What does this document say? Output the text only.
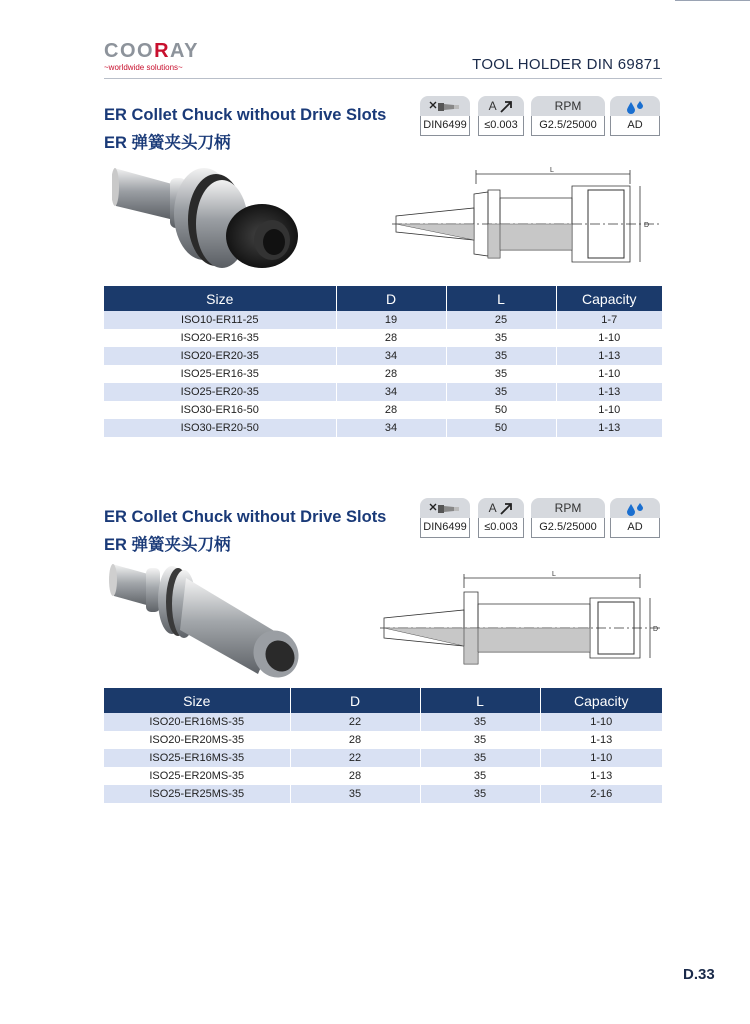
COORAY
~worldwide solutions~	TOOL HOLDER DIN 69871
ER Collet Chuck without Drive Slots
ER 弹簧夹头刀柄
DIN6499
A
≤0.003
RPM
G2.5/25000	AD
L
D
Size	D	L	Capacity
ISO10-ER11-25	19	25	1-7
ISO20-ER16-35	28	35	1-10
ISO20-ER20-35	34	35	1-13
ISO25-ER16-35	28	35	1-10
ISO25-ER20-35	34	35	1-13
ISO30-ER16-50	28	50	1-10
ISO30-ER20-50	34	50	1-13
ER Collet Chuck without Drive Slots
ER 弹簧夹头刀柄
DIN6499
A
≤0.003
RPM
G2.5/25000	AD
L
D
Size	D	L	Capacity
ISO20-ER16MS-35	22	35	1-10
ISO20-ER20MS-35	28	35	1-13
ISO25-ER16MS-35	22	35	1-10
ISO25-ER20MS-35	28	35	1-13
ISO25-ER25MS-35	35	35	2-16
D.33
